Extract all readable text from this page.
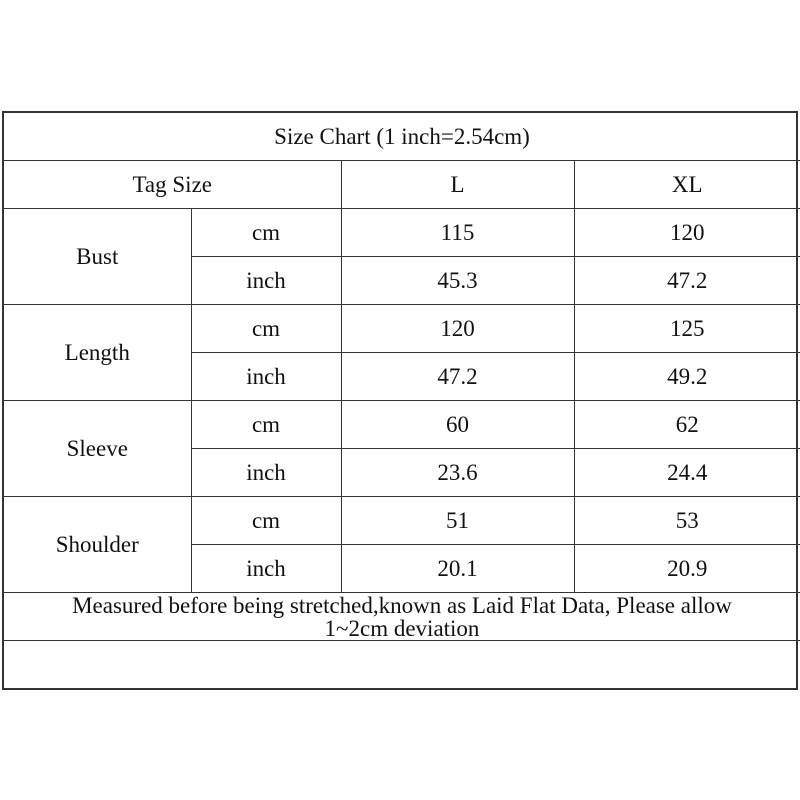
Size Chart (1 inch=2.54cm)			
Tag Size		L	XL
Bust	cm	115	120
	inch	45.3	47.2
Length	cm	120	125
	inch	47.2	49.2
Sleeve	cm	60	62
	inch	23.6	24.4
Shoulder	cm	51	53
	inch	20.1	20.9

Measured before being stretched,known as Laid Flat Data, Please allow
1~2cm deviation			
